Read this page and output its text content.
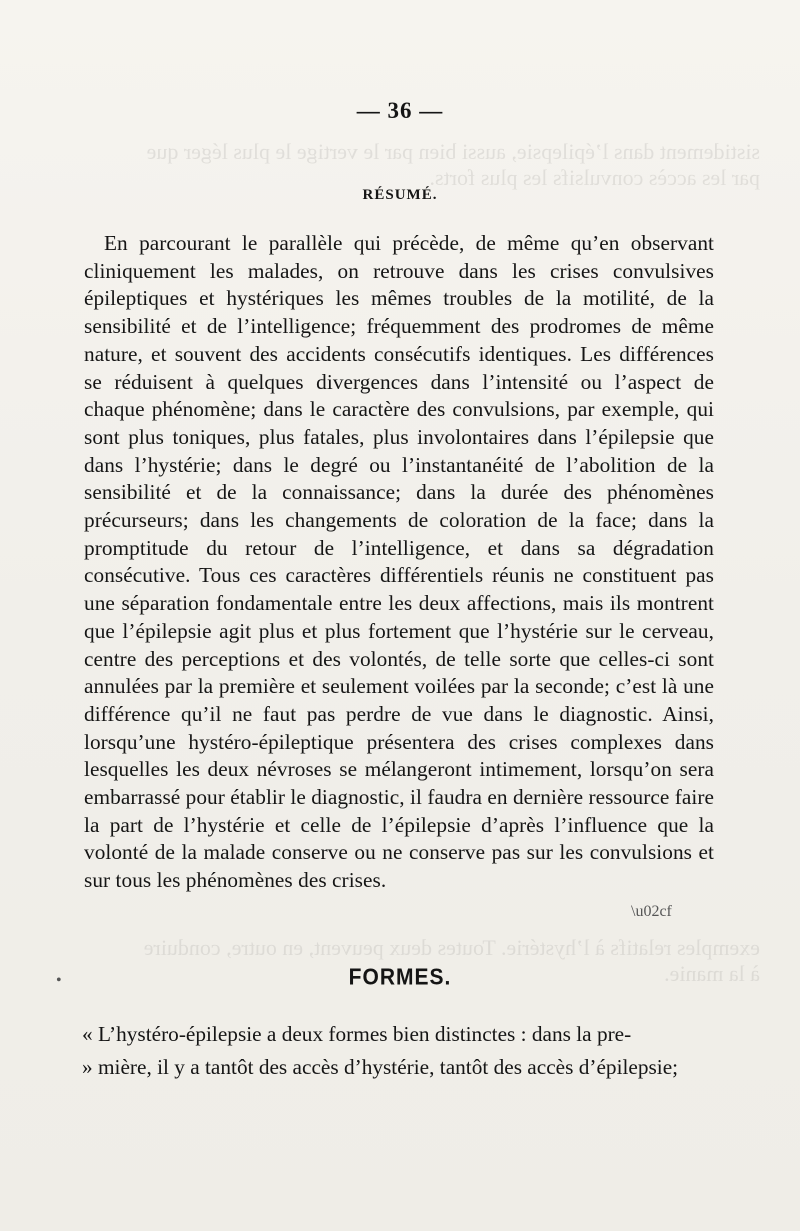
sistidement dans l’épilepsie, aussi bien par le vertige le plus léger que
par les accès convulsifs les plus forts.
exemples relatifs à l’hystérie. Toutes deux peuvent, en outre, conduire
à la manie.
— 36 —
RÉSUMÉ.

En parcourant le parallèle qui précède, de même qu’en observant cliniquement les malades, on retrouve dans les crises convulsives épileptiques et hystériques les mêmes troubles de la motilité, de la sensibilité et de l’intelligence; fréquemment des prodromes de même nature, et souvent des accidents consécutifs identiques. Les différences se réduisent à quelques divergences dans l’intensité ou l’aspect de chaque phénomène; dans le caractère des convulsions, par exemple, qui sont plus toniques, plus fatales, plus involontaires dans l’épilepsie que dans l’hystérie; dans le degré ou l’instantanéité de l’abolition de la sensibilité et de la connaissance; dans la durée des phénomènes précurseurs; dans les changements de coloration de la face; dans la promptitude du retour de l’intelligence, et dans sa dégradation consécutive. Tous ces caractères différentiels réunis ne constituent pas une séparation fondamentale entre les deux affections, mais ils montrent que l’épilepsie agit plus et plus fortement que l’hystérie sur le cerveau, centre des perceptions et des volontés, de telle sorte que celles-ci sont annulées par la première et seulement voilées par la seconde; c’est là une différence qu’il ne faut pas perdre de vue dans le diagnostic. Ainsi, lorsqu’une hystéro-épileptique présentera des crises complexes dans lesquelles les deux névroses se mélangeront intimement, lorsqu’on sera embarrassé pour établir le diagnostic, il faudra en dernière ressource faire la part de l’hystérie et celle de l’épilepsie d’après l’influence que la volonté de la malade conserve ou ne conserve pas sur les convulsions et sur tous les phénomènes des crises.

FORMES.

« L’hystéro-épilepsie a deux formes bien distinctes : dans la pre-

» mière, il y a tantôt des accès d’hystérie, tantôt des accès d’épilepsie;

•
\u02cf
